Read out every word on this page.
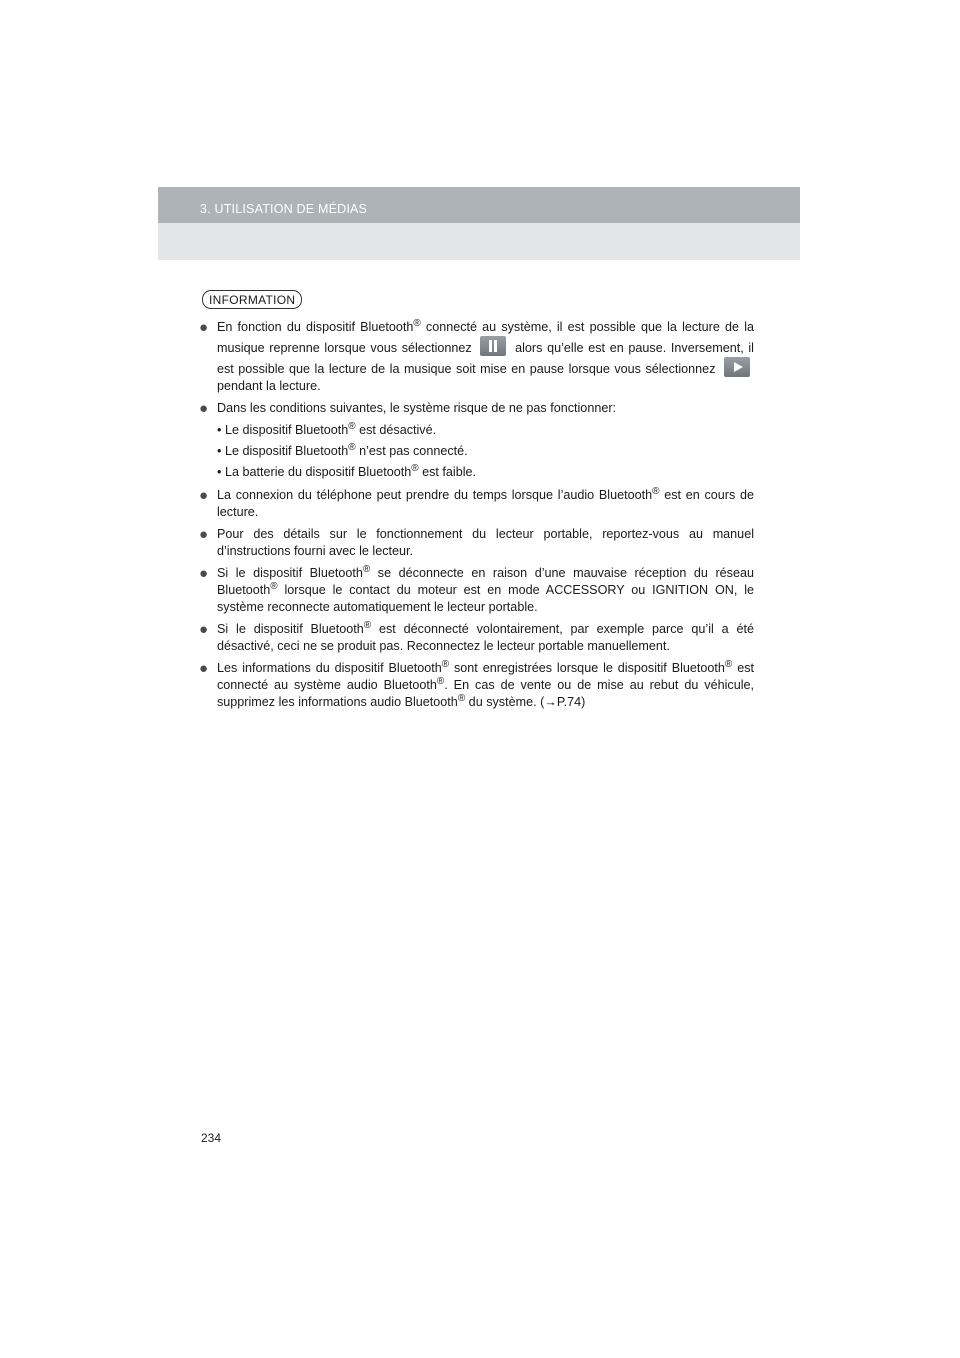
3. UTILISATION DE MÉDIAS
INFORMATION
● En fonction du dispositif Bluetooth® connecté au système, il est possible que la lecture de la musique reprenne lorsque vous sélectionnez	alors qu’elle est en pause. Inversement, il est possible que la lecture de la musique soit mise en pause lorsque vous sélectionnez  pendant la lecture.
● Dans les conditions suivantes, le système risque de ne pas fonctionner:
• Le dispositif Bluetooth® est désactivé.
• Le dispositif Bluetooth® n’est pas connecté.
• La batterie du dispositif Bluetooth® est faible.
● La connexion du téléphone peut prendre du temps lorsque l’audio Bluetooth® est en cours de lecture.
● Pour des détails sur le fonctionnement du lecteur portable, reportez-vous au manuel d’instructions fourni avec le lecteur.
● Si le dispositif Bluetooth® se déconnecte en raison d’une mauvaise réception du réseau Bluetooth® lorsque le contact du moteur est en mode ACCESSORY ou IGNITION ON, le système reconnecte automatiquement le lecteur portable.
● Si le dispositif Bluetooth® est déconnecté volontairement, par exemple parce qu’il a été désactivé, ceci ne se produit pas. Reconnectez le lecteur portable manuellement.
● Les informations du dispositif Bluetooth® sont enregistrées lorsque le dispositif Bluetooth® est connecté au système audio Bluetooth®. En cas de vente ou de mise au rebut du véhicule, supprimez les informations audio Bluetooth® du système. (→P.74)
234
